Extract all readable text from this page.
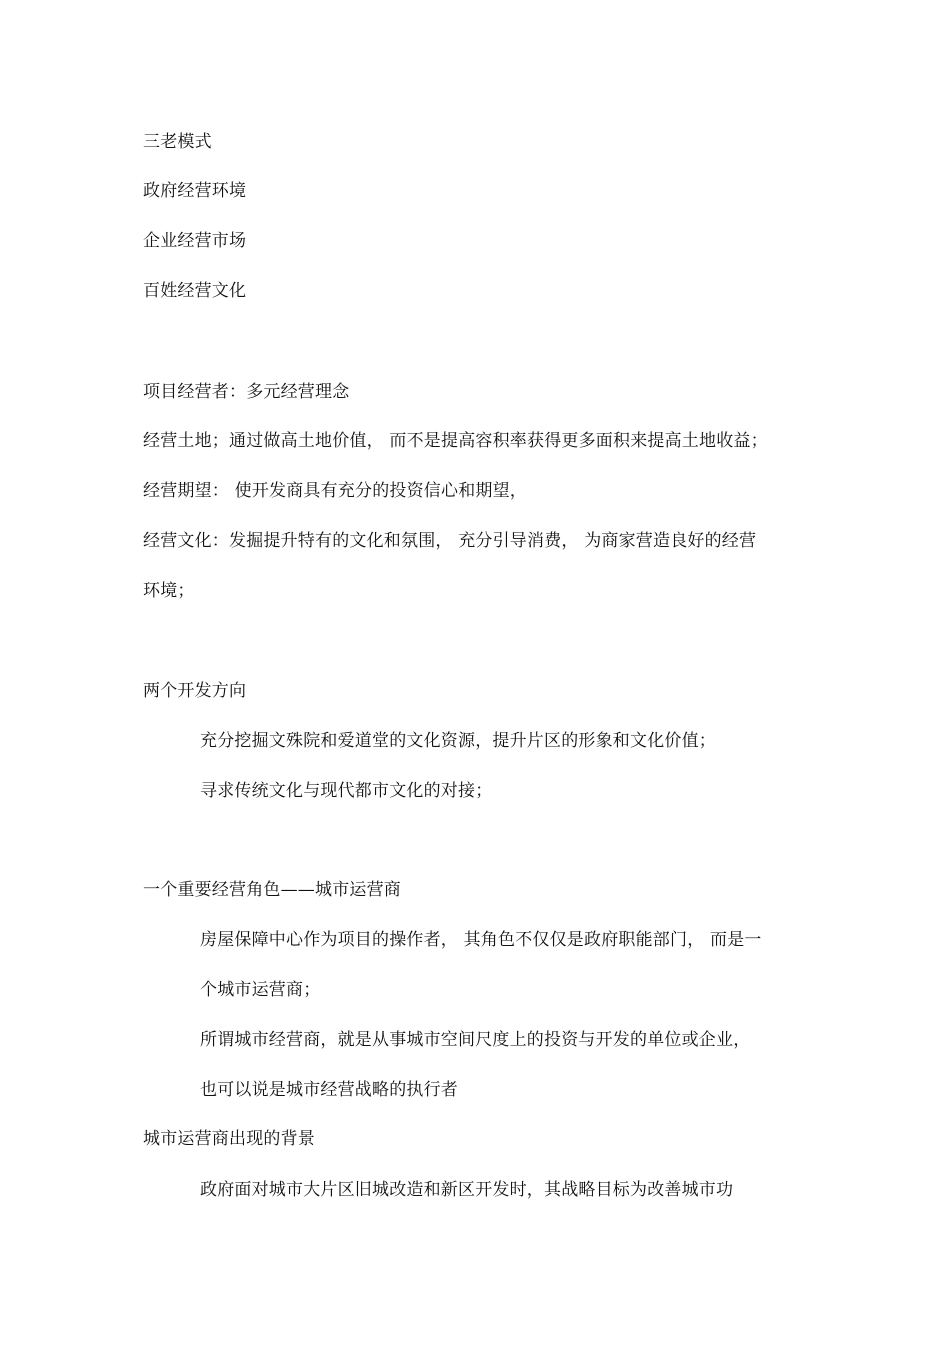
三老模式
政府经营环境
企业经营市场
百姓经营文化
项目经营者：多元经营理念
经营土地；通过做高土地价值， 而不是提高容积率获得更多面积来提高土地收益；
经营期望： 使开发商具有充分的投资信心和期望，
经营文化：发掘提升特有的文化和氛围， 充分引导消费， 为商家营造良好的经营
环境；
两个开发方向
充分挖掘文殊院和爱道堂的文化资源，提升片区的形象和文化价值；
寻求传统文化与现代都市文化的对接；
一个重要经营角色——城市运营商
房屋保障中心作为项目的操作者， 其角色不仅仅是政府职能部门， 而是一
个城市运营商；
所谓城市经营商，就是从事城市空间尺度上的投资与开发的单位或企业，
也可以说是城市经营战略的执行者
城市运营商出现的背景
政府面对城市大片区旧城改造和新区开发时，其战略目标为改善城市功
